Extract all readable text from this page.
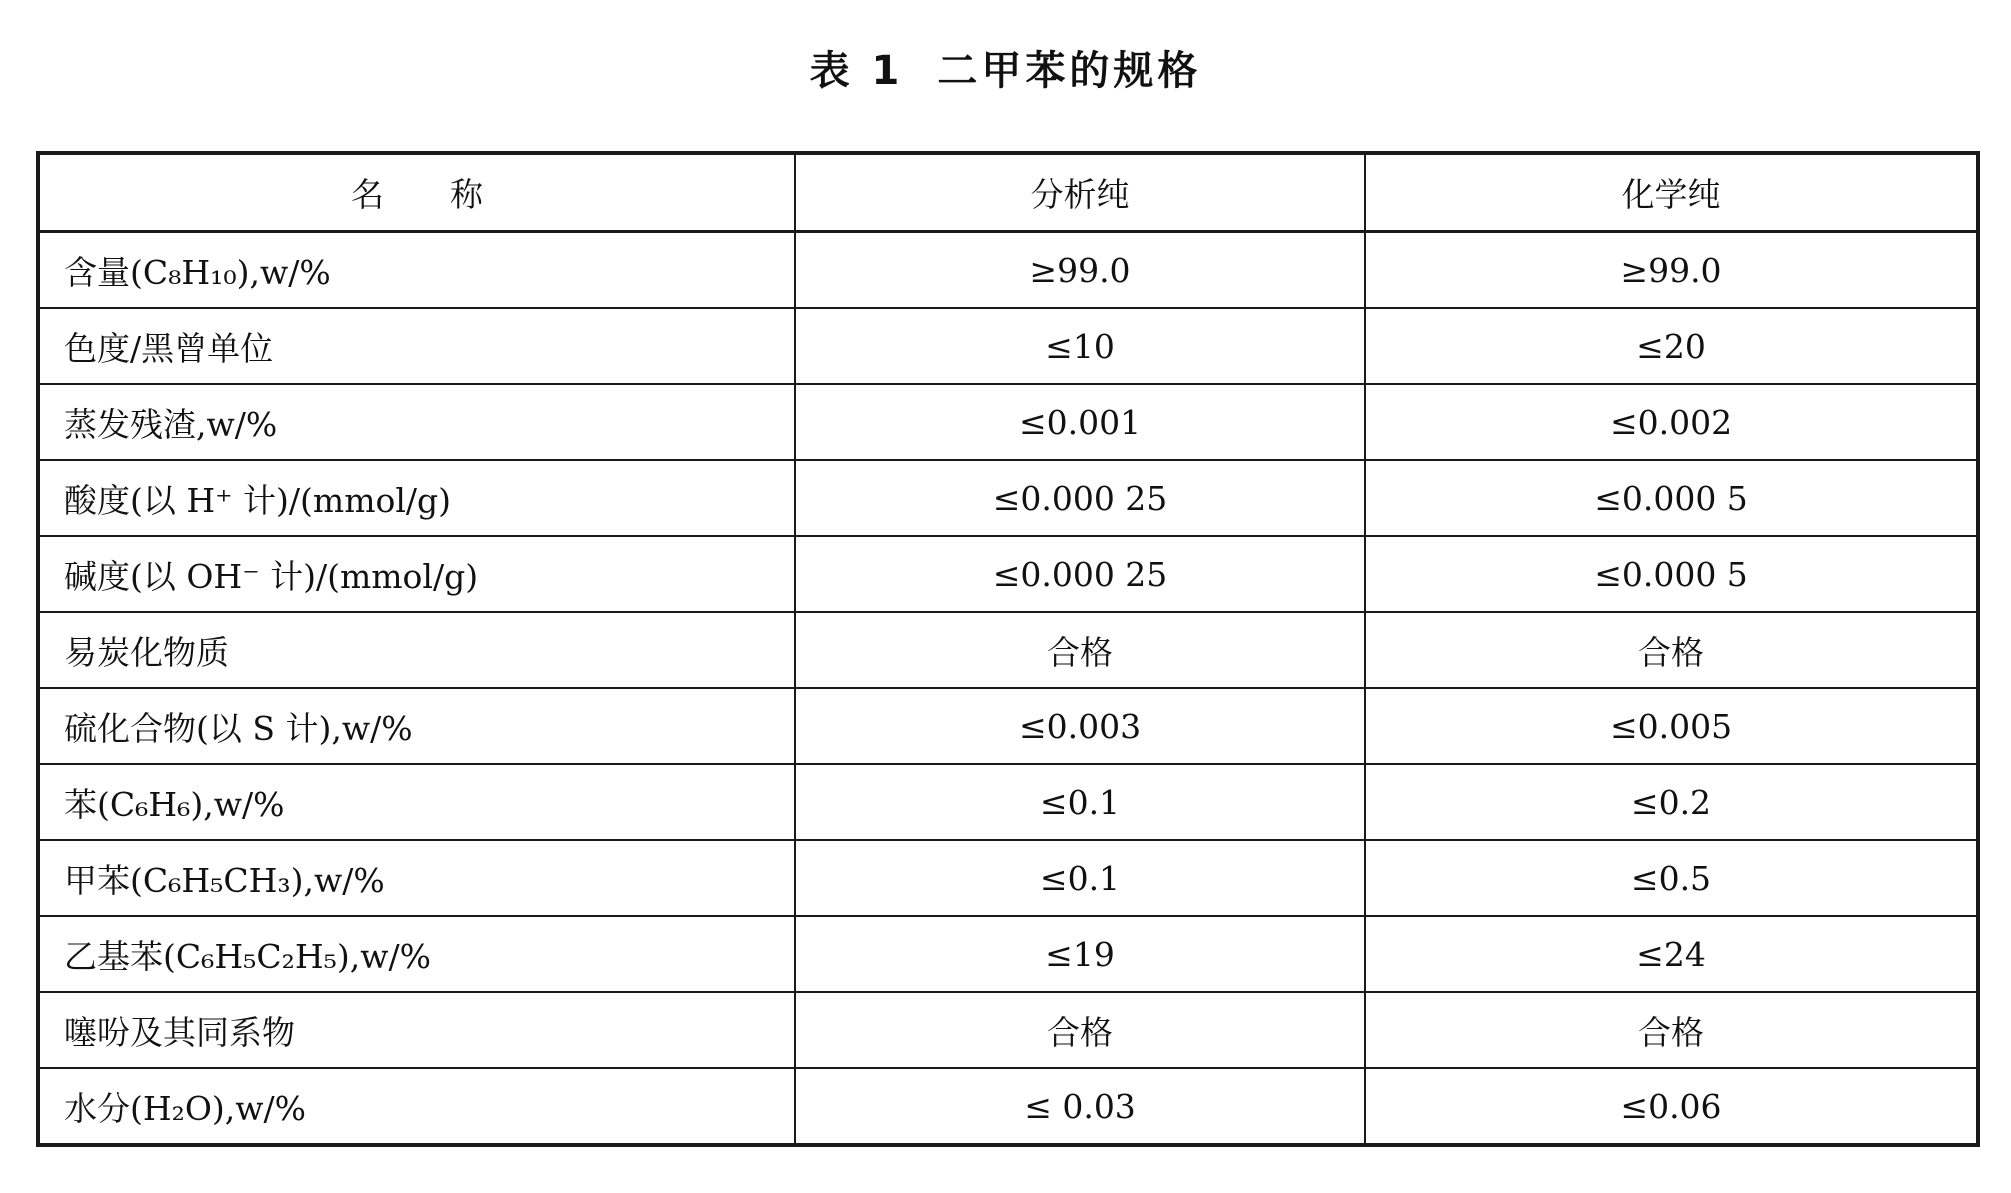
表 1 二甲苯的规格
名　　称	分析纯	化学纯
含量(C₈H₁₀),w/%	≥99.0	≥99.0
色度/黑曾单位	≤10	≤20
蒸发残渣,w/%	≤0.001	≤0.002
酸度(以 H⁺ 计)/(mmol/g)	≤0.000 25	≤0.000 5
碱度(以 OH⁻ 计)/(mmol/g)	≤0.000 25	≤0.000 5
易炭化物质	合格	合格
硫化合物(以 S 计),w/%	≤0.003	≤0.005
苯(C₆H₆),w/%	≤0.1	≤0.2
甲苯(C₆H₅CH₃),w/%	≤0.1	≤0.5
乙基苯(C₆H₅C₂H₅),w/%	≤19	≤24
噻吩及其同系物	合格	合格
水分(H₂O),w/%	≤ 0.03	≤0.06
